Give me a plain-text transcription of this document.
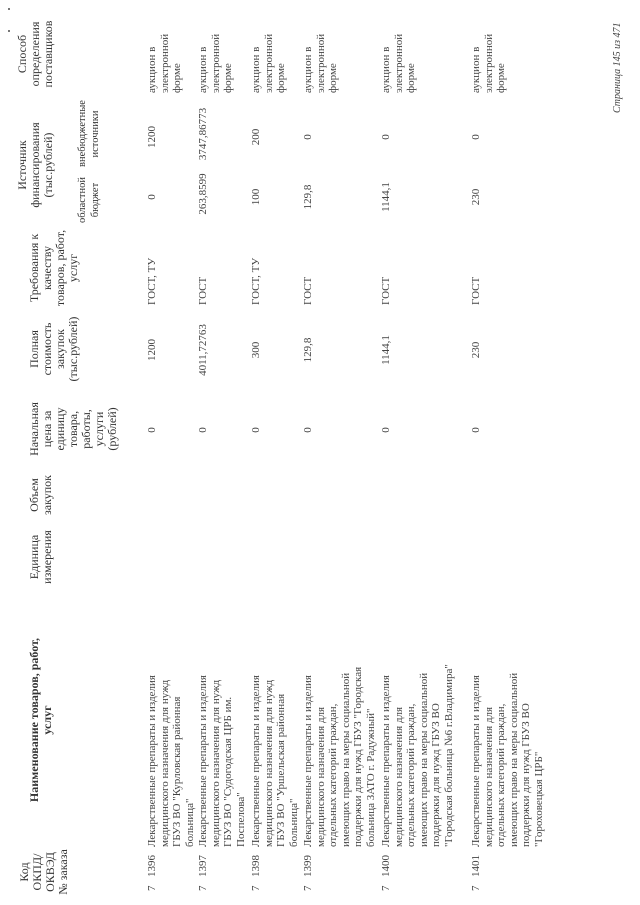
Код ОКПД/ ОКВЭД № заказа
Наименование товаров, работ, услуг
Единица измерения
Объем закупок
Начальная цена за единицу товара, работы, услуги (рублей)
Полная стоимость закупок (тыс.рублей)
Требования к качеству товаров, работ, услуг
Источник финансирования (тыс.рублей)
областной бюджет
внебюджетные источники
Способ определения поставщиков
7
1396
Лекарственные препараты и изделия медицинского назначения для нужд ГБУЗ ВО "Курловская районная больница"
0
1200
ГОСТ, ТУ
0
1200
аукцион в электронной форме
7
1397
Лекарственные препараты и изделия медицинского назначения для нужд ГБУЗ ВО "Судогодская ЦРБ им. Поспелова"
0
4011,72763
ГОСТ
263,8599
3747,86773
аукцион в электронной форме
7
1398
Лекарственные препараты и изделия медицинского назначения для нужд ГБУЗ ВО "Уршельская районная больница"
0
300
ГОСТ, ТУ
100
200
аукцион в электронной форме
7
1399
Лекарственные препараты и изделия медицинского назначения для отдельных категорий граждан, имеющих право на меры социальной поддержки для нужд ГБУЗ "Городская больница ЗАТО г. Радужный"
0
129,8
ГОСТ
129,8
0
аукцион в электронной форме
7
1400
Лекарственные препараты и изделия медицинского назначения для отдельных категорий граждан, имеющих право на меры социальной поддержки для нужд ГБУЗ ВО "Городская больница №6 г.Владимира"
0
1144,1
ГОСТ
1144,1
0
аукцион в электронной форме
7
1401
Лекарственные препараты и изделия медицинского назначения для отдельных категорий граждан, имеющих право на меры социальной поддержки для нужд ГБУЗ ВО "Гороховецкая ЦРБ"
0
230
ГОСТ
230
0
аукцион в электронной форме	Страница 145 из 471
